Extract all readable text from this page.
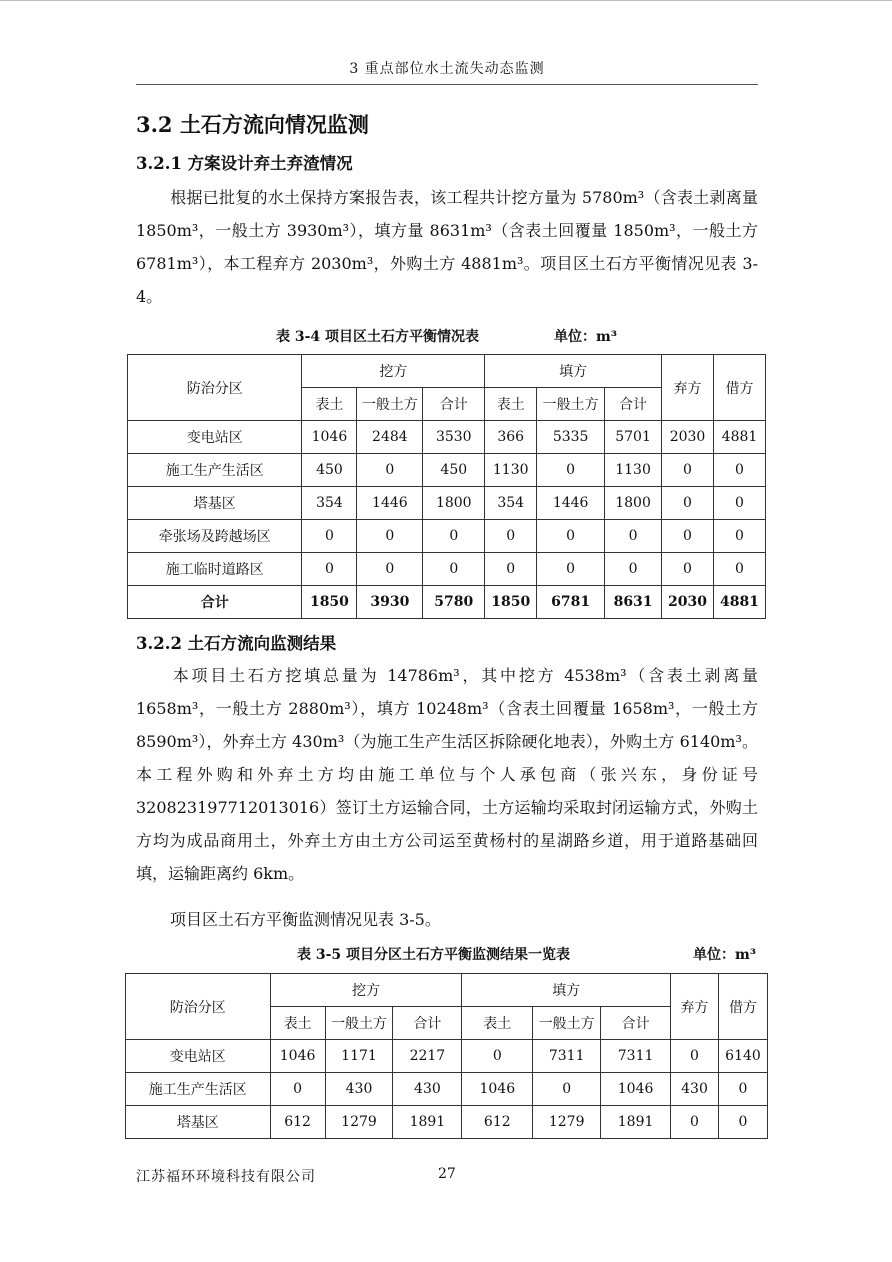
3 重点部位水土流失动态监测
3.2 土石方流向情况监测
3.2.1 方案设计弃土弃渣情况
根据已批复的水土保持方案报告表，该工程共计挖方量为 5780m³（含表土剥离量 1850m³，一般土方 3930m³），填方量 8631m³（含表土回覆量 1850m³，一般土方 6781m³），本工程弃方 2030m³，外购土方 4881m³。项目区土石方平衡情况见表 3-4。
表 3-4 项目区土石方平衡情况表	单位：m³
防治分区	挖方			填方			弃方	借方
	表土	一般土方	合计	表土	一般土方	合计		
变电站区	1046	2484	3530	366	5335	5701	2030	4881
施工生产生活区	450	0	450	1130	0	1130	0	0
塔基区	354	1446	1800	354	1446	1800	0	0
牵张场及跨越场区	0	0	0	0	0	0	0	0
施工临时道路区	0	0	0	0	0	0	0	0
合计	1850	3930	5780	1850	6781	8631	2030	4881
3.2.2 土石方流向监测结果
本项目土石方挖填总量为 14786m³，其中挖方 4538m³（含表土剥离量 1658m³，一般土方 2880m³），填方 10248m³（含表土回覆量 1658m³，一般土方 8590m³），外弃土方 430m³（为施工生产生活区拆除硬化地表），外购土方 6140m³。本工程外购和外弃土方均由施工单位与个人承包商（张兴东，身份证号 320823197712013016）签订土方运输合同，土方运输均采取封闭运输方式，外购土方均为成品商用土，外弃土方由土方公司运至黄杨村的星湖路乡道，用于道路基础回填，运输距离约 6km。
项目区土石方平衡监测情况见表 3-5。
表 3-5 项目分区土石方平衡监测结果一览表	单位：m³
防治分区	挖方			填方			弃方	借方
	表土	一般土方	合计	表土	一般土方	合计		
变电站区	1046	1171	2217	0	7311	7311	0	6140
施工生产生活区	0	430	430	1046	0	1046	430	0
塔基区	612	1279	1891	612	1279	1891	0	0
江苏福环环境科技有限公司	27
